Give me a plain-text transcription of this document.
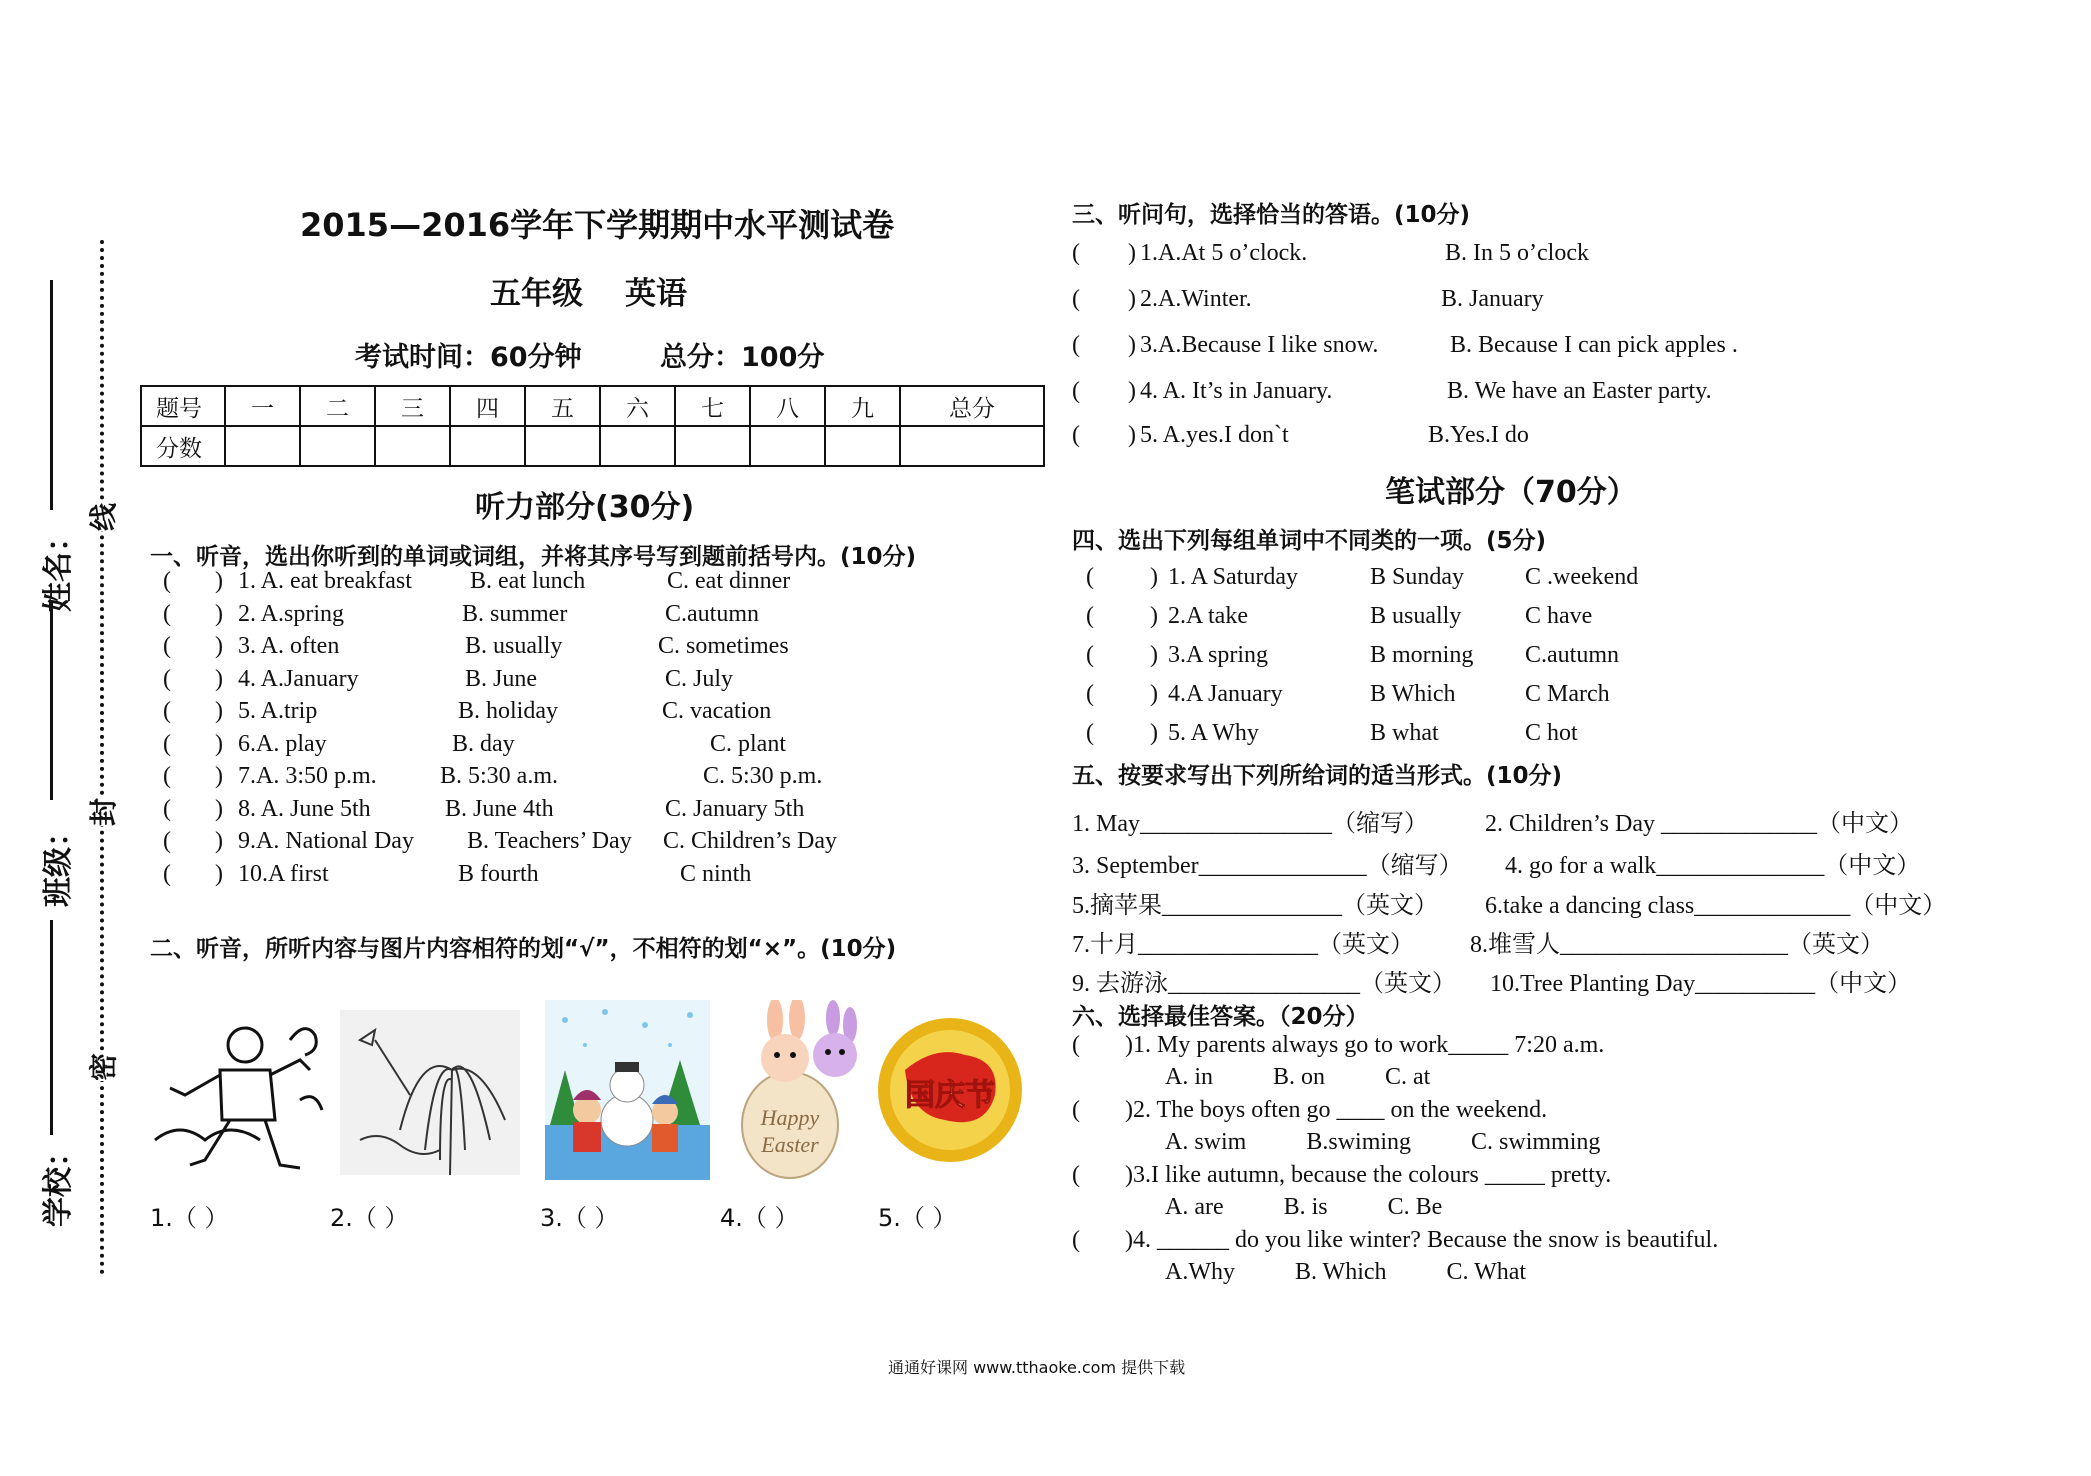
姓名：
班级：
学校：
线
封
密
2015—2016学年下学期期中水平测试卷
五年级 英语
考试时间：60分钟	总分：100分
题号	一	二	三	四	五	六	七	八	九	总分
分数										
听力部分(30分)
一、听音，选出你听到的单词或词组，并将其序号写到题前括号内。(10分)
( ) 1. A. eat breakfast B. eat lunch	C. eat dinner
( ) 2. A.spring	B. summer	C.autumn
( ) 3. A. often	B. usually	C. sometimes
( ) 4. A.January	B. June	C. July
( ) 5. A.trip	B. holiday	C. vacation
( ) 6.A. play	B. day	C. plant
( ) 7.A. 3:50 p.m.	B. 5:30 a.m.	C. 5:30 p.m.
( ) 8. A. June 5th	B. June 4th	C. January 5th
( ) 9.A. National Day B. Teachers’ Day C. Children’s Day
( ) 10.A first	B fourth	C ninth
二、听音，所听内容与图片内容相符的划“√”，不相符的划“×”。(10分)
Happy
Easter
国庆节
1.（ ）	2.（ ）	3.（ ）	4.（ ）	5.（ ）
三、听问句，选择恰当的答语。(10分)
( ) 1.A.At 5 o’clock.	B. In 5 o’clock
( ) 2.A.Winter.	B. January
( ) 3.A.Because I like snow.	B. Because I can pick apples .
( ) 4. A. It’s in January.	B. We have an Easter party.
( ) 5. A.yes.I don`t	B.Yes.I do
笔试部分（70分）
四、选出下列每组单词中不同类的一项。(5分)
( ) 1. A Saturday	B Sunday	C .weekend
( ) 2.A take	B usually	C have
( ) 3.A spring	B morning C.autumn
( ) 4.A January	B Which	C March
( ) 5. A Why	B what	C hot
五、按要求写出下列所给词的适当形式。(10分)
1. May________________（缩写） 2. Children’s Day _____________（中文）
3. September______________（缩写） 4. go for a walk______________（中文）
5.摘苹果_______________（英文） 6.take a dancing class_____________（中文）
7.十月_______________（英文） 8.堆雪人___________________（英文）
9. 去游泳________________（英文） 10.Tree Planting Day__________（中文）
六、选择最佳答案。（20分）
( )1. My parents always go to work_____ 7:20 a.m.
A. in          B. on          C. at
( )2. The boys often go ____ on the weekend.
A. swim          B.swiming          C. swimming
( )3.I like autumn, because the colours _____ pretty.
A. are          B. is          C. Be
( )4. ______ do you like winter? Because the snow is beautiful.
A.Why          B. Which          C. What
通通好课网 www.tthaoke.com 提供下载
